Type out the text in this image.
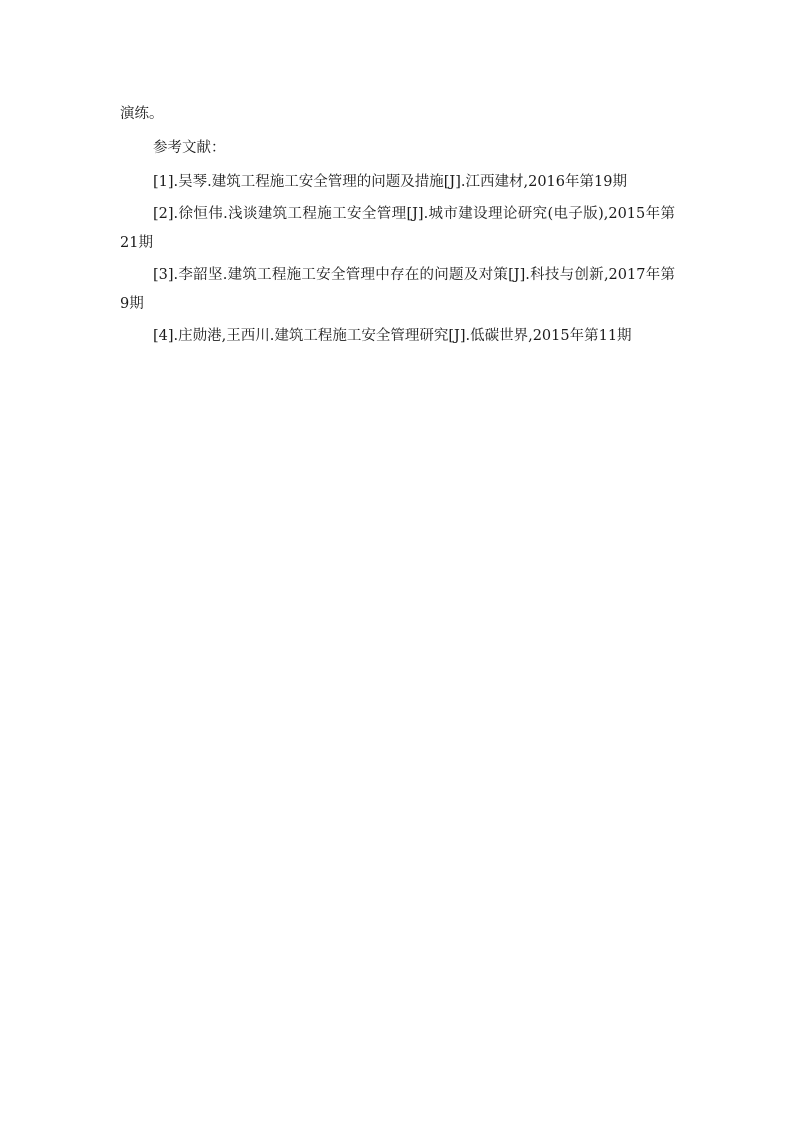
演练。

参考文献：

[1].吴琴.建筑工程施工安全管理的问题及措施[J].江西建材,2016年第19期

[2].徐恒伟.浅谈建筑工程施工安全管理[J].城市建设理论研究(电子版),2015年第21期

[3].李韶坚.建筑工程施工安全管理中存在的问题及对策[J].科技与创新,2017年第9期

[4].庄勋港,王西川.建筑工程施工安全管理研究[J].低碳世界,2015年第11期
